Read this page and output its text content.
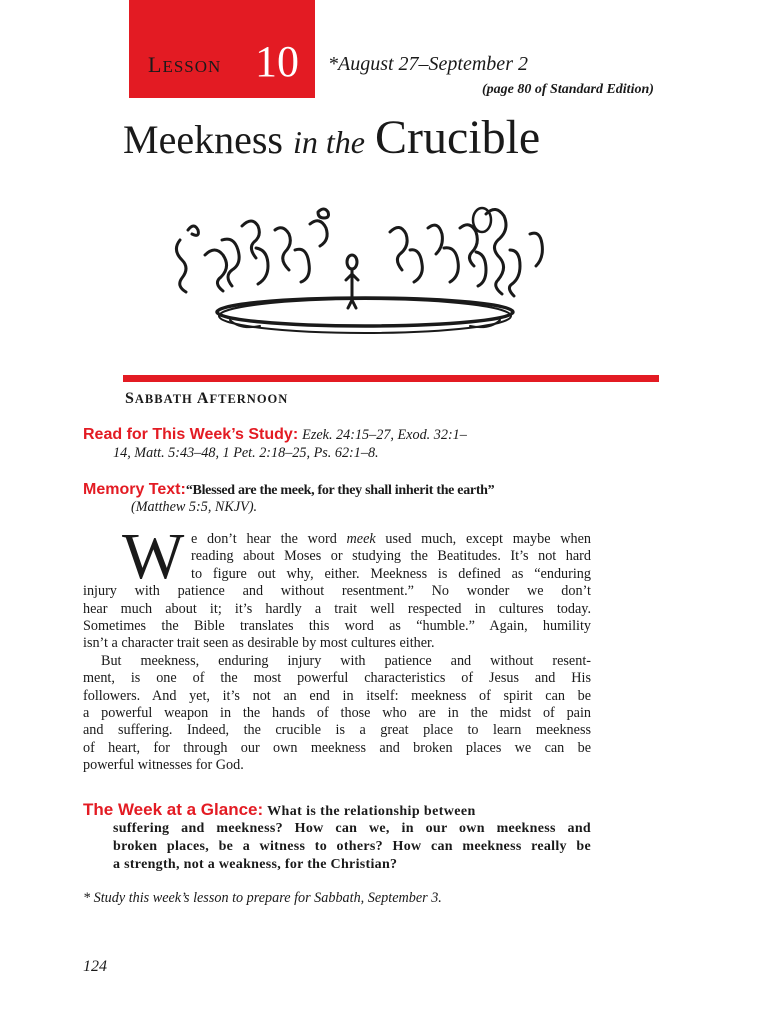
LESSON 10 *August 27–September 2
(page 80 of Standard Edition)
Meekness in the Crucible
SABBATH AFTERNOON
Read for This Week’s Study: Ezek. 24:15–27, Exod. 32:1–
14, Matt. 5:43–48, 1 Pet. 2:18–25, Ps. 62:1–8.
Memory Text:“Blessed are the meek, for they shall inherit the earth”
(Matthew 5:5, NKJV).
W e don’t hear the word meek used much, except maybe when
reading about Moses or studying the Beatitudes. It’s not hard
to figure out why, either. Meekness is defined as “enduring
injury with patience and without resentment.” No wonder we don’t
hear much about it; it’s hardly a trait well respected in cultures today.
Sometimes the Bible translates this word as “humble.” Again, humility
isn’t a character trait seen as desirable by most cultures either.
But meekness, enduring injury with patience and without resent-
ment, is one of the most powerful characteristics of Jesus and His
followers. And yet, it’s not an end in itself: meekness of spirit can be
a powerful weapon in the hands of those who are in the midst of pain
and suffering. Indeed, the crucible is a great place to learn meekness
of heart, for through our own meekness and broken places we can be
powerful witnesses for God.
The Week at a Glance: What is the relationship between
suffering and meekness? How can we, in our own meekness and
broken places, be a witness to others? How can meekness really be
a strength, not a weakness, for the Christian?
* Study this week’s lesson to prepare for Sabbath, September 3.
124
